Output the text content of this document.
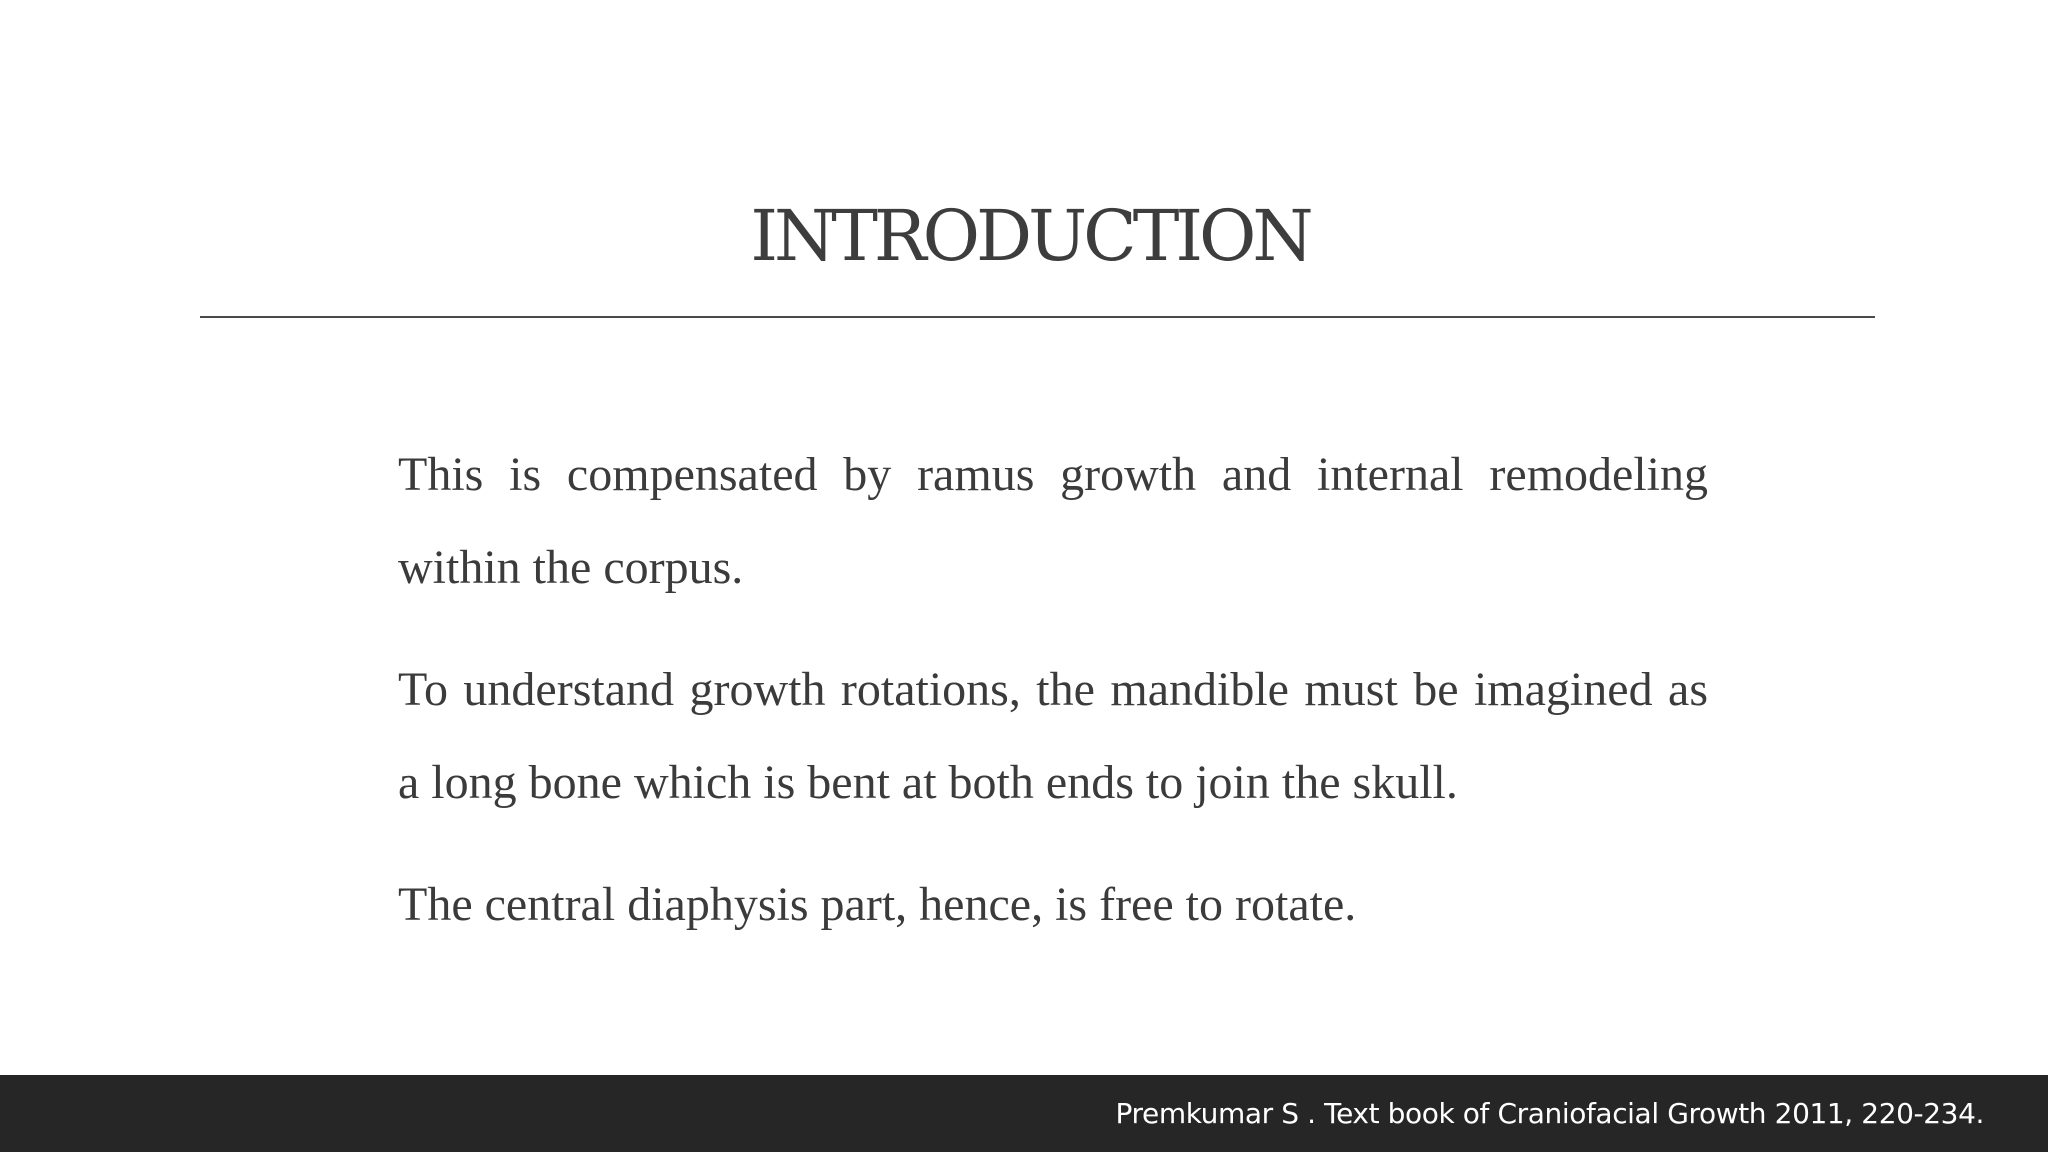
INTRODUCTION

This is compensated by ramus growth and internal remodeling within the corpus.

To understand growth rotations, the mandible must be imagined as a long bone which is bent at both ends to join the skull.

The central diaphysis part, hence, is free to rotate.

Premkumar S . Text book of Craniofacial Growth 2011, 220-234.
